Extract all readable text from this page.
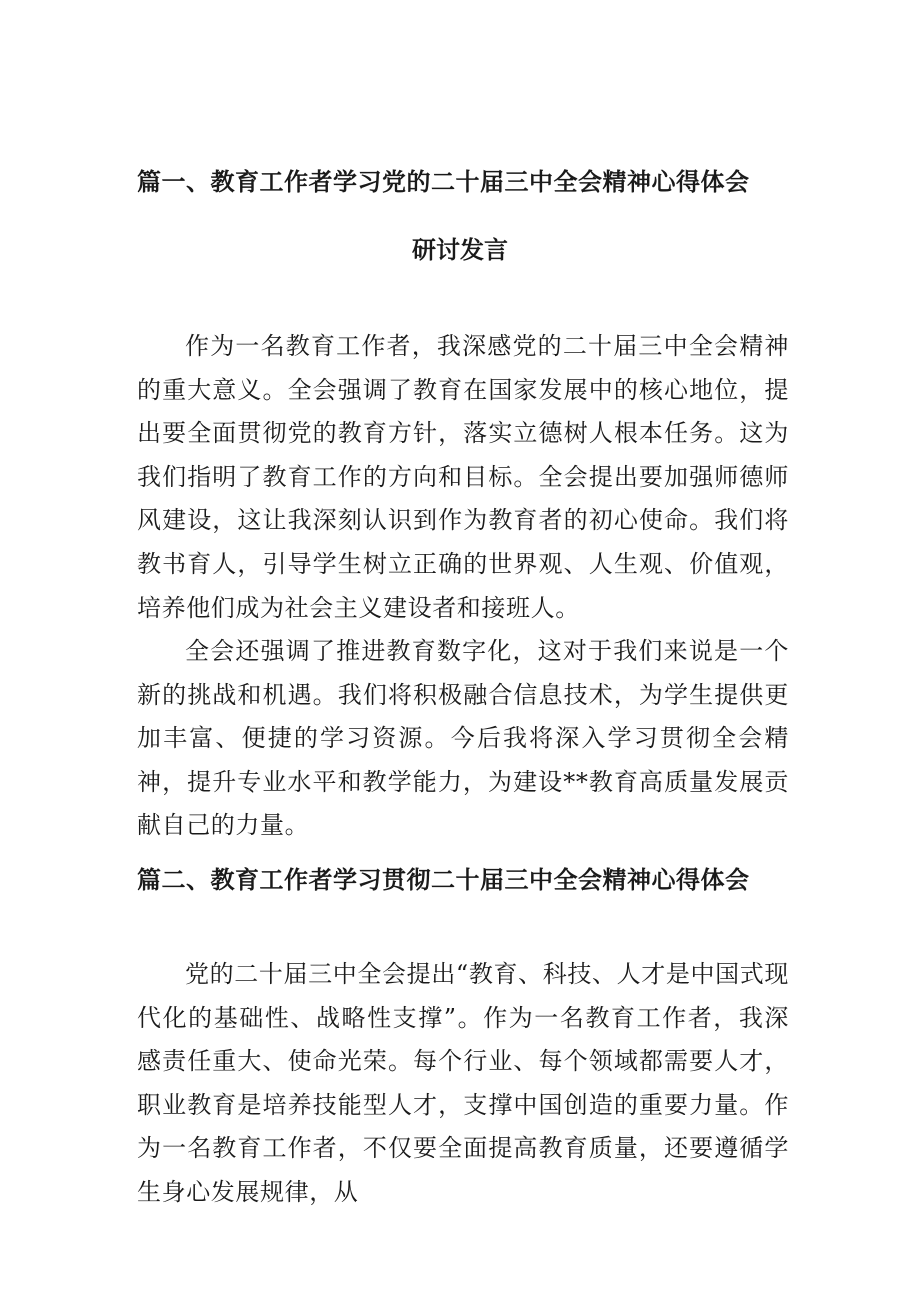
篇一、教育工作者学习党的二十届三中全会精神心得体会
研讨发言

作为一名教育工作者，我深感党的二十届三中全会精神的重大意义。全会强调了教育在国家发展中的核心地位，提出要全面贯彻党的教育方针，落实立德树人根本任务。这为我们指明了教育工作的方向和目标。全会提出要加强师德师风建设，这让我深刻认识到作为教育者的初心使命。我们将教书育人，引导学生树立正确的世界观、人生观、价值观，培养他们成为社会主义建设者和接班人。

全会还强调了推进教育数字化，这对于我们来说是一个新的挑战和机遇。我们将积极融合信息技术，为学生提供更加丰富、便捷的学习资源。今后我将深入学习贯彻全会精神，提升专业水平和教学能力，为建设**教育高质量发展贡献自己的力量。

篇二、教育工作者学习贯彻二十届三中全会精神心得体会

党的二十届三中全会提出“教育、科技、人才是中国式现代化的基础性、战略性支撑”。作为一名教育工作者，我深感责任重大、使命光荣。每个行业、每个领域都需要人才，职业教育是培养技能型人才，支撑中国创造的重要力量。作为一名教育工作者，不仅要全面提高教育质量，还要遵循学生身心发展规律，从
